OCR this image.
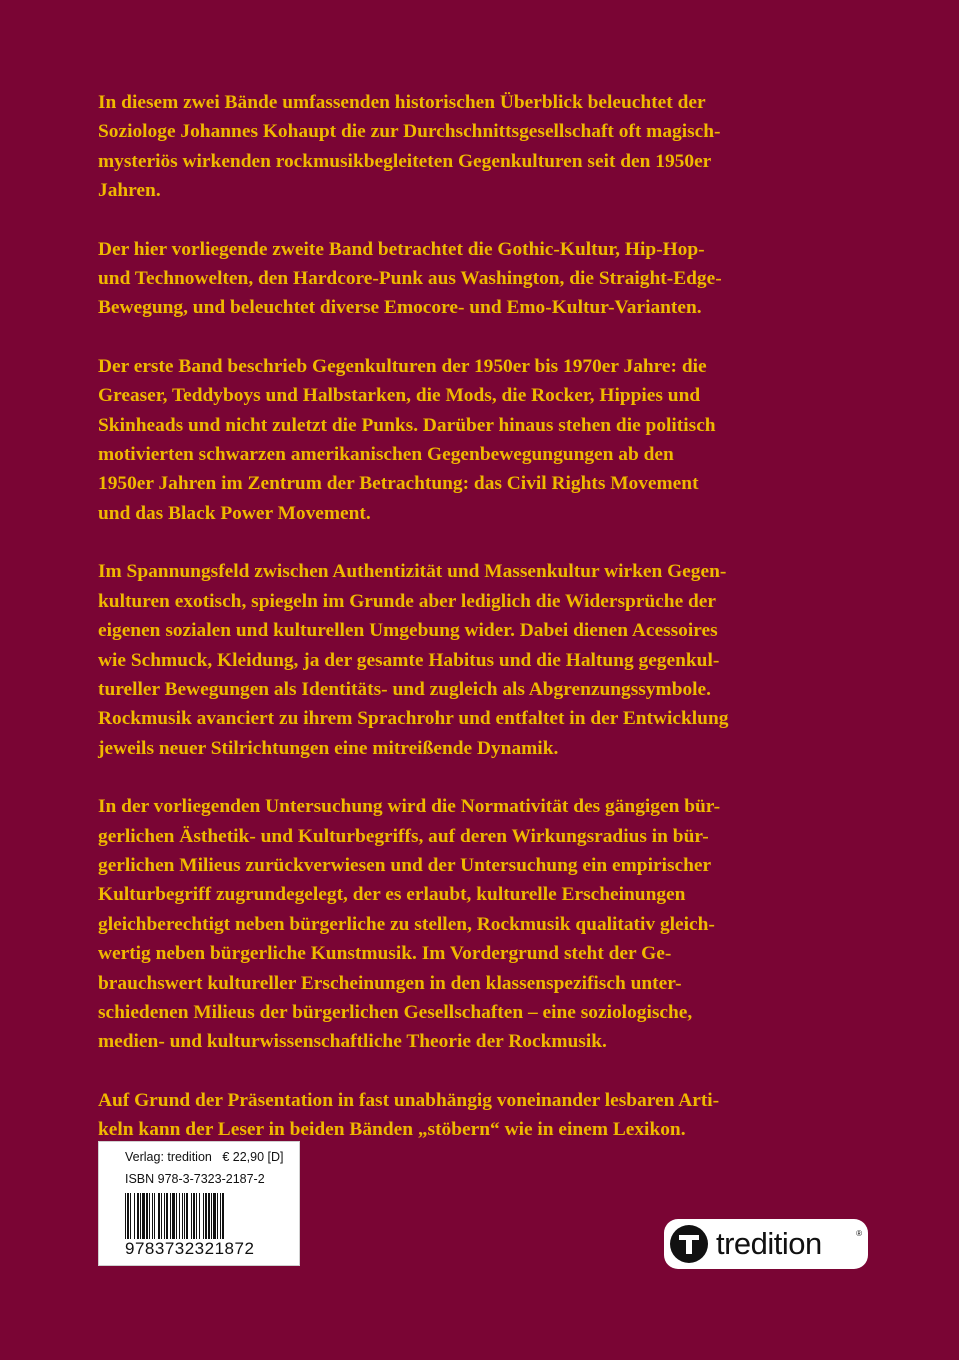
In diesem zwei Bände umfassenden historischen Überblick beleuchtet der
Soziologe Johannes Kohaupt die zur Durchschnittsgesellschaft oft magisch-
mysteriös wirkenden rockmusikbegleiteten Gegenkulturen seit den 1950er
Jahren.

Der hier vorliegende zweite Band betrachtet die Gothic-Kultur, Hip-Hop-
und Technowelten, den Hardcore-Punk aus Washington, die Straight-Edge-
Bewegung, und beleuchtet diverse Emocore- und Emo-Kultur-Varianten.

Der erste Band beschrieb Gegenkulturen der 1950er bis 1970er Jahre: die
Greaser, Teddyboys und Halbstarken, die Mods, die Rocker, Hippies und
Skinheads und nicht zuletzt die Punks. Darüber hinaus stehen die politisch
motivierten schwarzen amerikanischen Gegenbewegungungen ab den
1950er Jahren im Zentrum der Betrachtung: das Civil Rights Movement
und das Black Power Movement.

Im Spannungsfeld zwischen Authentizität und Massenkultur wirken Gegen-
kulturen exotisch, spiegeln im Grunde aber lediglich die Widersprüche der
eigenen sozialen und kulturellen Umgebung wider. Dabei dienen Acessoires
wie Schmuck, Kleidung, ja der gesamte Habitus und die Haltung gegenkul-
tureller Bewegungen als Identitäts- und zugleich als Abgrenzungssymbole.
Rockmusik avanciert zu ihrem Sprachrohr und entfaltet in der Entwicklung
jeweils neuer Stilrichtungen eine mitreißende Dynamik.

In der vorliegenden Untersuchung wird die Normativität des gängigen bür-
gerlichen Ästhetik- und Kulturbegriffs, auf deren Wirkungsradius in bür-
gerlichen Milieus zurückverwiesen und der Untersuchung ein empirischer
Kulturbegriff zugrundegelegt, der es erlaubt, kulturelle Erscheinungen
gleichberechtigt neben bürgerliche zu stellen, Rockmusik qualitativ gleich-
wertig neben bürgerliche Kunstmusik. Im Vordergrund steht der Ge-
brauchswert kultureller Erscheinungen in den klassenspezifisch unter-
schiedenen Milieus der bürgerlichen Gesellschaften – eine soziologische,
medien- und kulturwissenschaftliche Theorie der Rockmusik.

Auf Grund der Präsentation in fast unabhängig voneinander lesbaren Arti-
keln kann der Leser in beiden Bänden „stöbern“ wie in einem Lexikon.

Verlag: tredition € 22,90 [D]
ISBN 978-3-7323-2187-2
9783732321872	tredition	®
